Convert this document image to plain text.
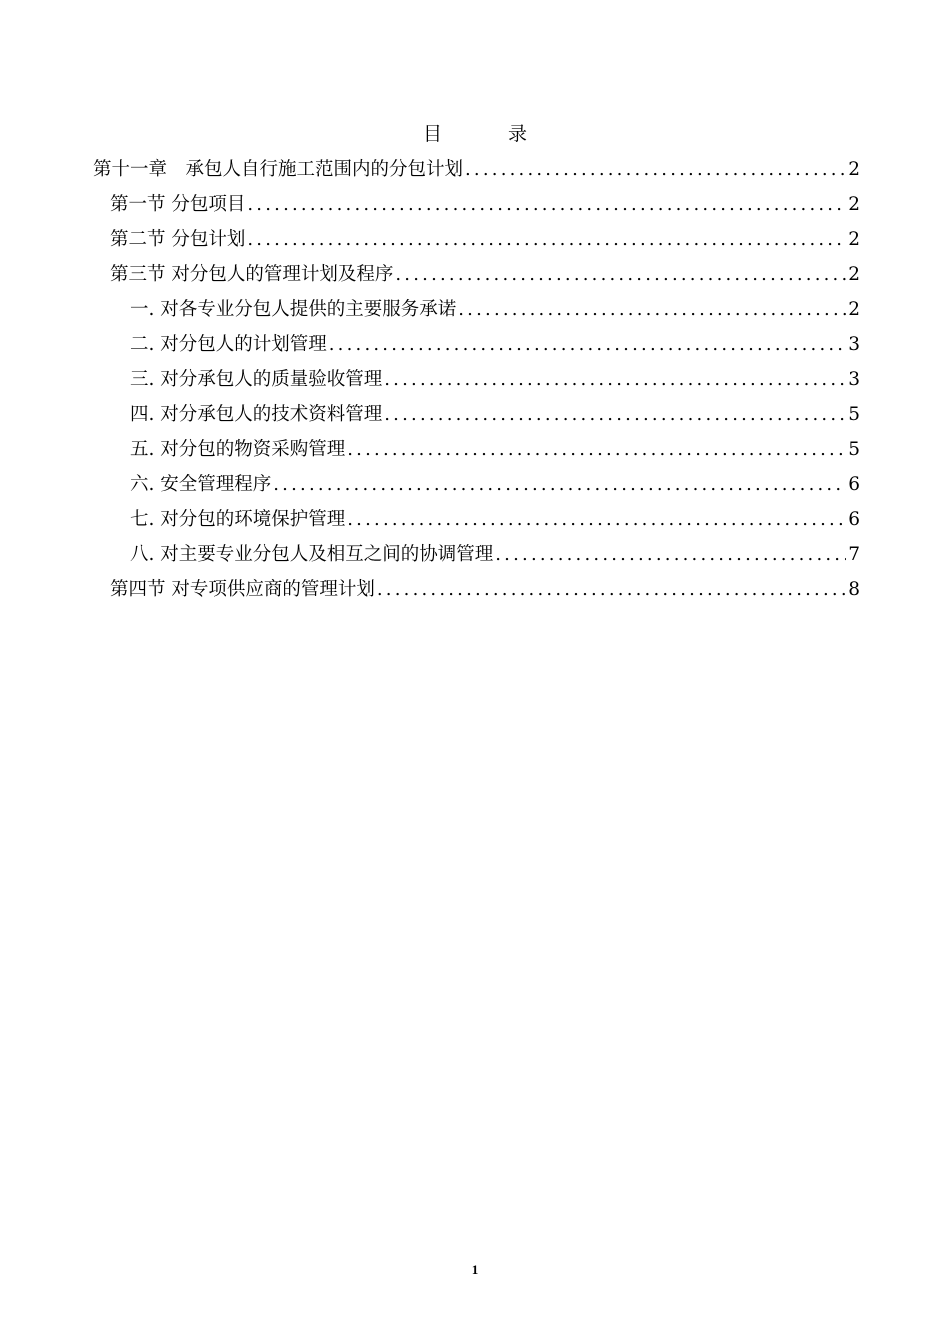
目 录
第十一章　承包人自行施工范围内的分包计划 .....	2
第一节 分包项目 .....	2
第二节 分包计划 .....	2
第三节 对分包人的管理计划及程序 .....	2
一. 对各专业分包人提供的主要服务承诺 .....	2
二. 对分包人的计划管理 .....	3
三. 对分承包人的质量验收管理 .....	3
四. 对分承包人的技术资料管理 .....	5
五. 对分包的物资采购管理 .....	5
六. 安全管理程序 .....	6
七. 对分包的环境保护管理 .....	6
八. 对主要专业分包人及相互之间的协调管理 .....	7
第四节 对专项供应商的管理计划 .....	8
1
